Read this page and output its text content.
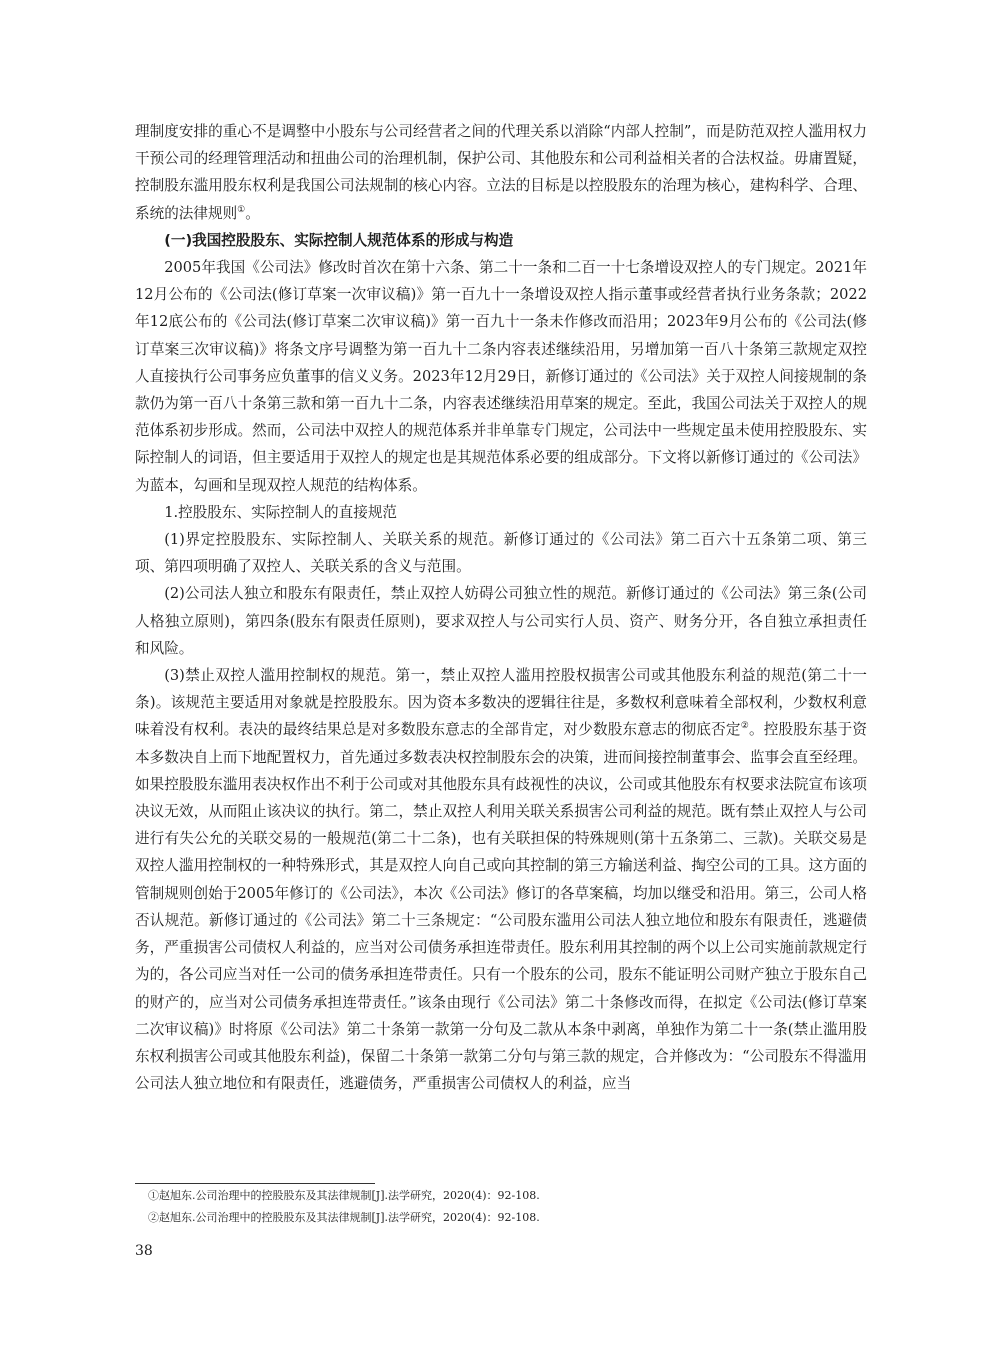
理制度安排的重心不是调整中小股东与公司经营者之间的代理关系以消除“内部人控制”，而是防范双控人滥用权力干预公司的经理管理活动和扭曲公司的治理机制，保护公司、其他股东和公司利益相关者的合法权益。毋庸置疑，控制股东滥用股东权利是我国公司法规制的核心内容。立法的目标是以控股股东的治理为核心，建构科学、合理、系统的法律规则①。

(一)我国控股股东、实际控制人规范体系的形成与构造

2005年我国《公司法》修改时首次在第十六条、第二十一条和二百一十七条增设双控人的专门规定。2021年12月公布的《公司法(修订草案一次审议稿)》第一百九十一条增设双控人指示董事或经营者执行业务条款；2022年12底公布的《公司法(修订草案二次审议稿)》第一百九十一条未作修改而沿用；2023年9月公布的《公司法(修订草案三次审议稿)》将条文序号调整为第一百九十二条内容表述继续沿用，另增加第一百八十条第三款规定双控人直接执行公司事务应负董事的信义义务。2023年12月29日，新修订通过的《公司法》关于双控人间接规制的条款仍为第一百八十条第三款和第一百九十二条，内容表述继续沿用草案的规定。至此，我国公司法关于双控人的规范体系初步形成。然而，公司法中双控人的规范体系并非单靠专门规定，公司法中一些规定虽未使用控股股东、实际控制人的词语，但主要适用于双控人的规定也是其规范体系必要的组成部分。下文将以新修订通过的《公司法》为蓝本，勾画和呈现双控人规范的结构体系。

1.控股股东、实际控制人的直接规范

(1)界定控股股东、实际控制人、关联关系的规范。新修订通过的《公司法》第二百六十五条第二项、第三项、第四项明确了双控人、关联关系的含义与范围。

(2)公司法人独立和股东有限责任，禁止双控人妨碍公司独立性的规范。新修订通过的《公司法》第三条(公司人格独立原则)，第四条(股东有限责任原则)，要求双控人与公司实行人员、资产、财务分开，各自独立承担责任和风险。

(3)禁止双控人滥用控制权的规范。第一，禁止双控人滥用控股权损害公司或其他股东利益的规范(第二十一条)。该规范主要适用对象就是控股股东。因为资本多数决的逻辑往往是，多数权利意味着全部权利，少数权利意味着没有权利。表决的最终结果总是对多数股东意志的全部肯定，对少数股东意志的彻底否定②。控股股东基于资本多数决自上而下地配置权力，首先通过多数表决权控制股东会的决策，进而间接控制董事会、监事会直至经理。如果控股股东滥用表决权作出不利于公司或对其他股东具有歧视性的决议，公司或其他股东有权要求法院宣布该项决议无效，从而阻止该决议的执行。第二，禁止双控人利用关联关系损害公司利益的规范。既有禁止双控人与公司进行有失公允的关联交易的一般规范(第二十二条)，也有关联担保的特殊规则(第十五条第二、三款)。关联交易是双控人滥用控制权的一种特殊形式，其是双控人向自己或向其控制的第三方输送利益、掏空公司的工具。这方面的管制规则创始于2005年修订的《公司法》，本次《公司法》修订的各草案稿，均加以继受和沿用。第三，公司人格否认规范。新修订通过的《公司法》第二十三条规定：“公司股东滥用公司法人独立地位和股东有限责任，逃避债务，严重损害公司债权人利益的，应当对公司债务承担连带责任。股东利用其控制的两个以上公司实施前款规定行为的，各公司应当对任一公司的债务承担连带责任。只有一个股东的公司，股东不能证明公司财产独立于股东自己的财产的，应当对公司债务承担连带责任。”该条由现行《公司法》第二十条修改而得，在拟定《公司法(修订草案二次审议稿)》时将原《公司法》第二十条第一款第一分句及二款从本条中剥离，单独作为第二十一条(禁止滥用股东权利损害公司或其他股东利益)，保留二十条第一款第二分句与第三款的规定，合并修改为：“公司股东不得滥用公司法人独立地位和有限责任，逃避债务，严重损害公司债权人的利益，应当

①赵旭东.公司治理中的控股股东及其法律规制[J].法学研究，2020(4)：92-108.

②赵旭东.公司治理中的控股股东及其法律规制[J].法学研究，2020(4)：92-108.

38
